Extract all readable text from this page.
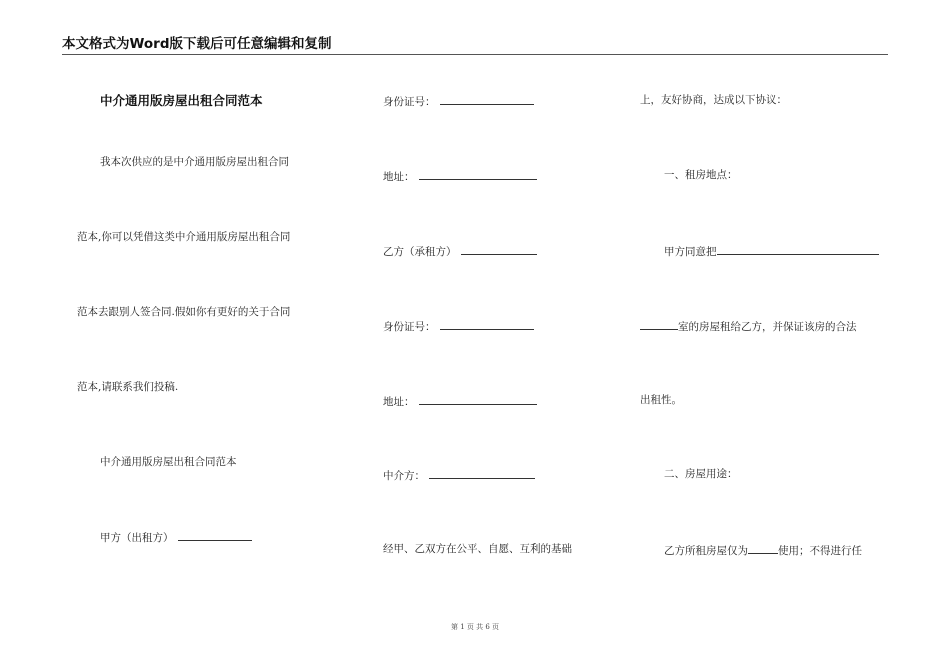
本文格式为Word版下载后可任意编辑和复制
中介通用版房屋出租合同范本
我本次供应的是中介通用版房屋出租合同
范本,你可以凭借这类中介通用版房屋出租合同
范本去跟别人签合同.假如你有更好的关于合同
范本,请联系我们投稿.
中介通用版房屋出租合同范本
甲方（出租方）
身份证号：
地址：
乙方（承租方）
身份证号：
地址：
中介方：
经甲、乙双方在公平、自愿、互利的基础
上，友好协商，达成以下协议：
一、租房地点：
甲方同意把
室的房屋租给乙方，并保证该房的合法
出租性。
二、房屋用途：
乙方所租房屋仅为	使用；不得进行任
第 1 页 共 6 页
